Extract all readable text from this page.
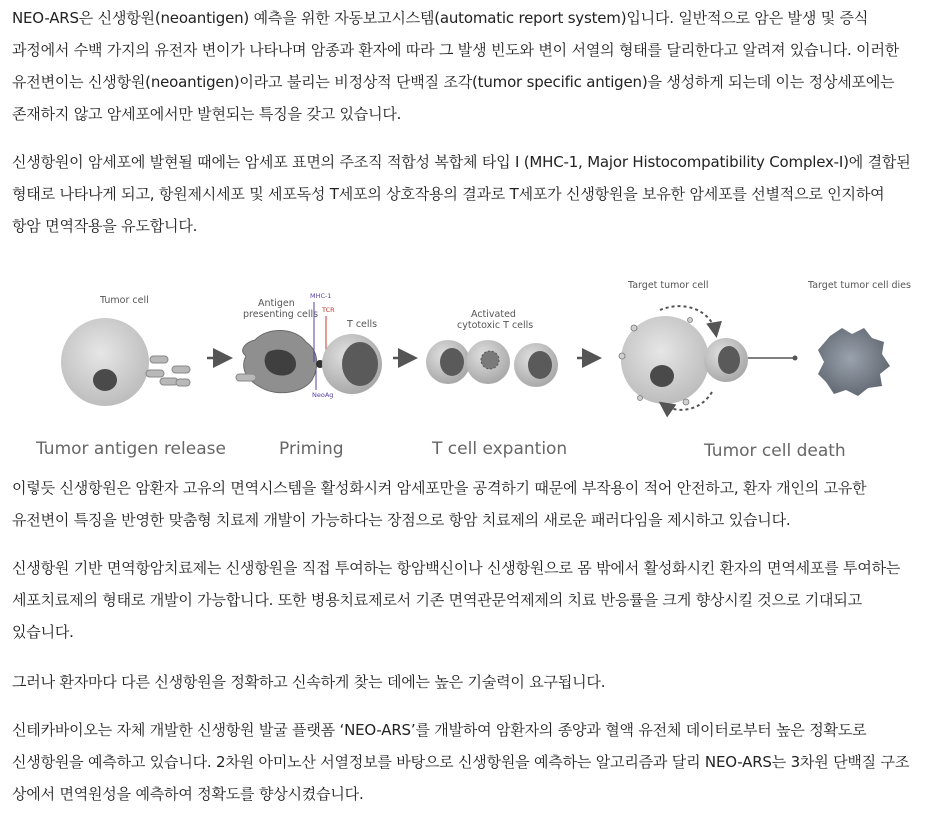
NEO-ARS은 신생항원(neoantigen) 예측을 위한 자동보고시스템(automatic report system)입니다. 일반적으로 암은 발생 및 증식 과정에서 수백 가지의 유전자 변이가 나타나며 암종과 환자에 따라 그 발생 빈도와 변이 서열의 형태를 달리한다고 알려져 있습니다. 이러한 유전변이는 신생항원(neoantigen)이라고 불리는 비정상적 단백질 조각(tumor specific antigen)을 생성하게 되는데 이는 정상세포에는 존재하지 않고 암세포에서만 발현되는 특징을 갖고 있습니다.

신생항원이 암세포에 발현될 때에는 암세포 표면의 주조직 적합성 복합체 타입 I (MHC-1, Major Histocompatibility Complex-I)에 결합된 형태로 나타나게 되고, 항원제시세포 및 세포독성 T세포의 상호작용의 결과로 T세포가 신생항원을 보유한 암세포를 선별적으로 인지하여 항암 면역작용을 유도합니다.

Tumor cell	Antigen
presenting cells
MHC-1
TCR
T cells
NeoAg
Activated
cytotoxic T cells
Target tumor cell	Target tumor cell dies
Tumor antigen release	Priming	T cell expantion	Tumor cell death

이렇듯 신생항원은 암환자 고유의 면역시스템을 활성화시켜 암세포만을 공격하기 때문에 부작용이 적어 안전하고, 환자 개인의 고유한 유전변이 특징을 반영한 맞춤형 치료제 개발이 가능하다는 장점으로 항암 치료제의 새로운 패러다임을 제시하고 있습니다.

신생항원 기반 면역항암치료제는 신생항원을 직접 투여하는 항암백신이나 신생항원으로 몸 밖에서 활성화시킨 환자의 면역세포를 투여하는 세포치료제의 형태로 개발이 가능합니다. 또한 병용치료제로서 기존 면역관문억제제의 치료 반응률을 크게 향상시킬 것으로 기대되고 있습니다.

그러나 환자마다 다른 신생항원을 정확하고 신속하게 찾는 데에는 높은 기술력이 요구됩니다.

신테카바이오는 자체 개발한 신생항원 발굴 플랫폼 ‘NEO-ARS’를 개발하여 암환자의 종양과 혈액 유전체 데이터로부터 높은 정확도로 신생항원을 예측하고 있습니다. 2차원 아미노산 서열정보를 바탕으로 신생항원을 예측하는 알고리즘과 달리 NEO-ARS는 3차원 단백질 구조 상에서 면역원성을 예측하여 정확도를 향상시켰습니다.
